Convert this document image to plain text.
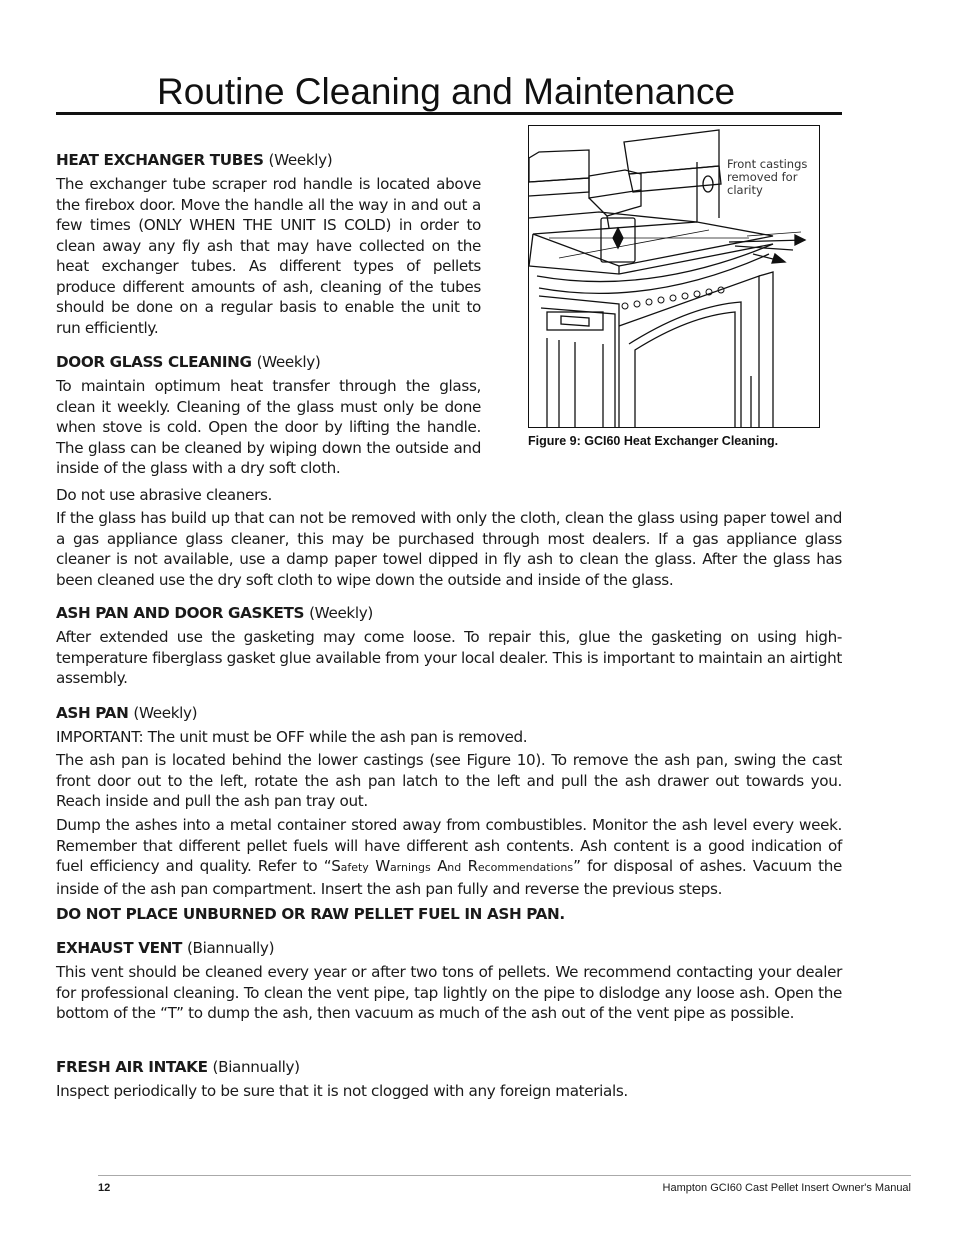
Routine Cleaning and Maintenance

HEAT EXCHANGER TUBES (Weekly)

The exchanger tube scraper rod handle is located above the firebox door. Move the handle all the way in and out a few times (ONLY WHEN THE UNIT IS COLD) in order to clean away any fly ash that may have collected on the heat exchanger tubes. As different types of pellets produce different amounts of ash, cleaning of the tubes should be done on a regular basis to enable the unit to run efficiently.

DOOR GLASS CLEANING (Weekly)

To maintain optimum heat transfer through the glass, clean it weekly. Cleaning of the glass must only be done when stove is cold. Open the door by lifting the handle. The glass can be cleaned by wiping down the outside and inside of the glass with a dry soft cloth.

Do not use abrasive cleaners.

If the glass has build up that can not be removed with only the cloth, clean the glass using paper towel and a gas appliance glass cleaner, this may be purchased through most dealers. If a gas appliance glass cleaner is not available, use a damp paper towel dipped in fly ash to clean the glass. After the glass has been cleaned use the dry soft cloth to wipe down the outside and inside of the glass.

ASH PAN AND DOOR GASKETS (Weekly)

After extended use the gasketing may come loose. To repair this, glue the gasketing on using high-temperature fiberglass gasket glue available from your local dealer. This is important to maintain an airtight assembly.

ASH PAN (Weekly)

IMPORTANT: The unit must be OFF while the ash pan is removed.

The ash pan is located behind the lower castings (see Figure 10). To remove the ash pan, swing the cast front door out to the left, rotate the ash pan latch to the left and pull the ash drawer out towards you. Reach inside and pull the ash pan tray out.

Dump the ashes into a metal container stored away from combustibles. Monitor the ash level every week. Remember that different pellet fuels will have different ash contents. Ash content is a good indication of fuel efficiency and quality. Refer to “Safety Warnings And Recommendations” for disposal of ashes. Vacuum the inside of the ash pan compartment. Insert the ash pan fully and reverse the previous steps.

DO NOT PLACE UNBURNED OR RAW PELLET FUEL IN ASH PAN.

EXHAUST VENT (Biannually)

This vent should be cleaned every year or after two tons of pellets. We recommend contacting your dealer for professional cleaning. To clean the vent pipe, tap lightly on the pipe to dislodge any loose ash. Open the bottom of the “T” to dump the ash, then vacuum as much of the ash out of the vent pipe as possible.

FRESH AIR INTAKE (Biannually)

Inspect periodically to be sure that it is not clogged with any foreign materials.

Front castings removed for clarity
Figure 9: GCI60 Heat Exchanger Cleaning.
12	Hampton GCI60 Cast Pellet Insert Owner's Manual
